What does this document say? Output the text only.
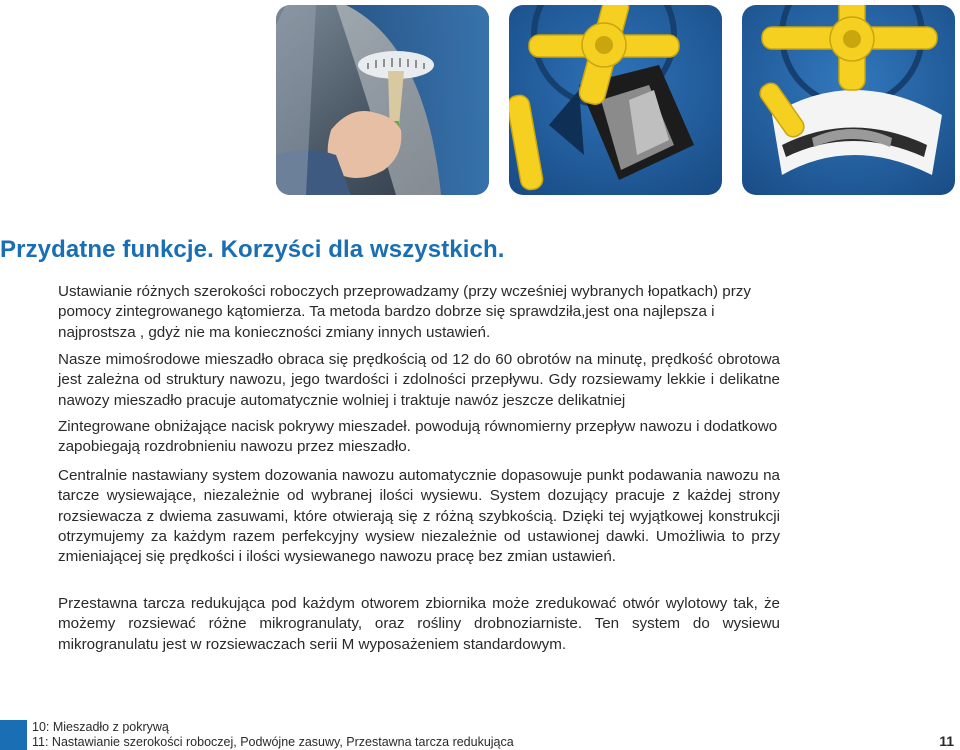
Przydatne funkcje. Korzyści dla wszystkich.

Ustawianie różnych szerokości roboczych przeprowadzamy (przy wcześniej wybranych łopatkach) przy pomocy zintegrowanego kątomierza. Ta metoda bardzo dobrze się sprawdziła,jest ona najlepsza i najprostsza , gdyż nie ma konieczności zmiany innych ustawień.

Nasze mimośrodowe mieszadło obraca się prędkością od 12 do 60 obrotów na minutę, prędkość obrotowa jest zależna od struktury nawozu, jego twardości i zdolności przepływu. Gdy rozsiewamy lekkie i delikatne nawozy mieszadło pracuje automatycznie wolniej i traktuje nawóz jeszcze delikatniej

Zintegrowane obniżające nacisk pokrywy mieszadeł. powodują równomierny przepływ nawozu i dodatkowo zapobiegają rozdrobnieniu nawozu przez mieszadło.

Centralnie nastawiany system dozowania nawozu automatycznie dopasowuje punkt podawania nawozu na tarcze wysiewające, niezależnie od wybranej ilości wysiewu. System dozujący pracuje z każdej strony rozsiewacza z dwiema zasuwami, które otwierają się z różną szybkością. Dzięki tej wyjątkowej konstrukcji otrzymujemy za każdym razem perfekcyjny wysiew niezależnie od ustawionej dawki. Umożliwia to przy zmieniającej się prędkości i ilości wysiewanego nawozu pracę bez zmian ustawień.

Przestawna tarcza redukująca pod każdym otworem zbiornika może zredukować otwór wylotowy tak, że możemy rozsiewać różne mikrogranulaty, oraz rośliny drobnoziarniste. Ten system do wysiewu mikrogranulatu jest w rozsiewaczach serii M wyposażeniem standardowym.

10: Mieszadło z pokrywą
11: Nastawianie szerokości roboczej, Podwójne zasuwy, Przestawna tarcza redukująca	11
